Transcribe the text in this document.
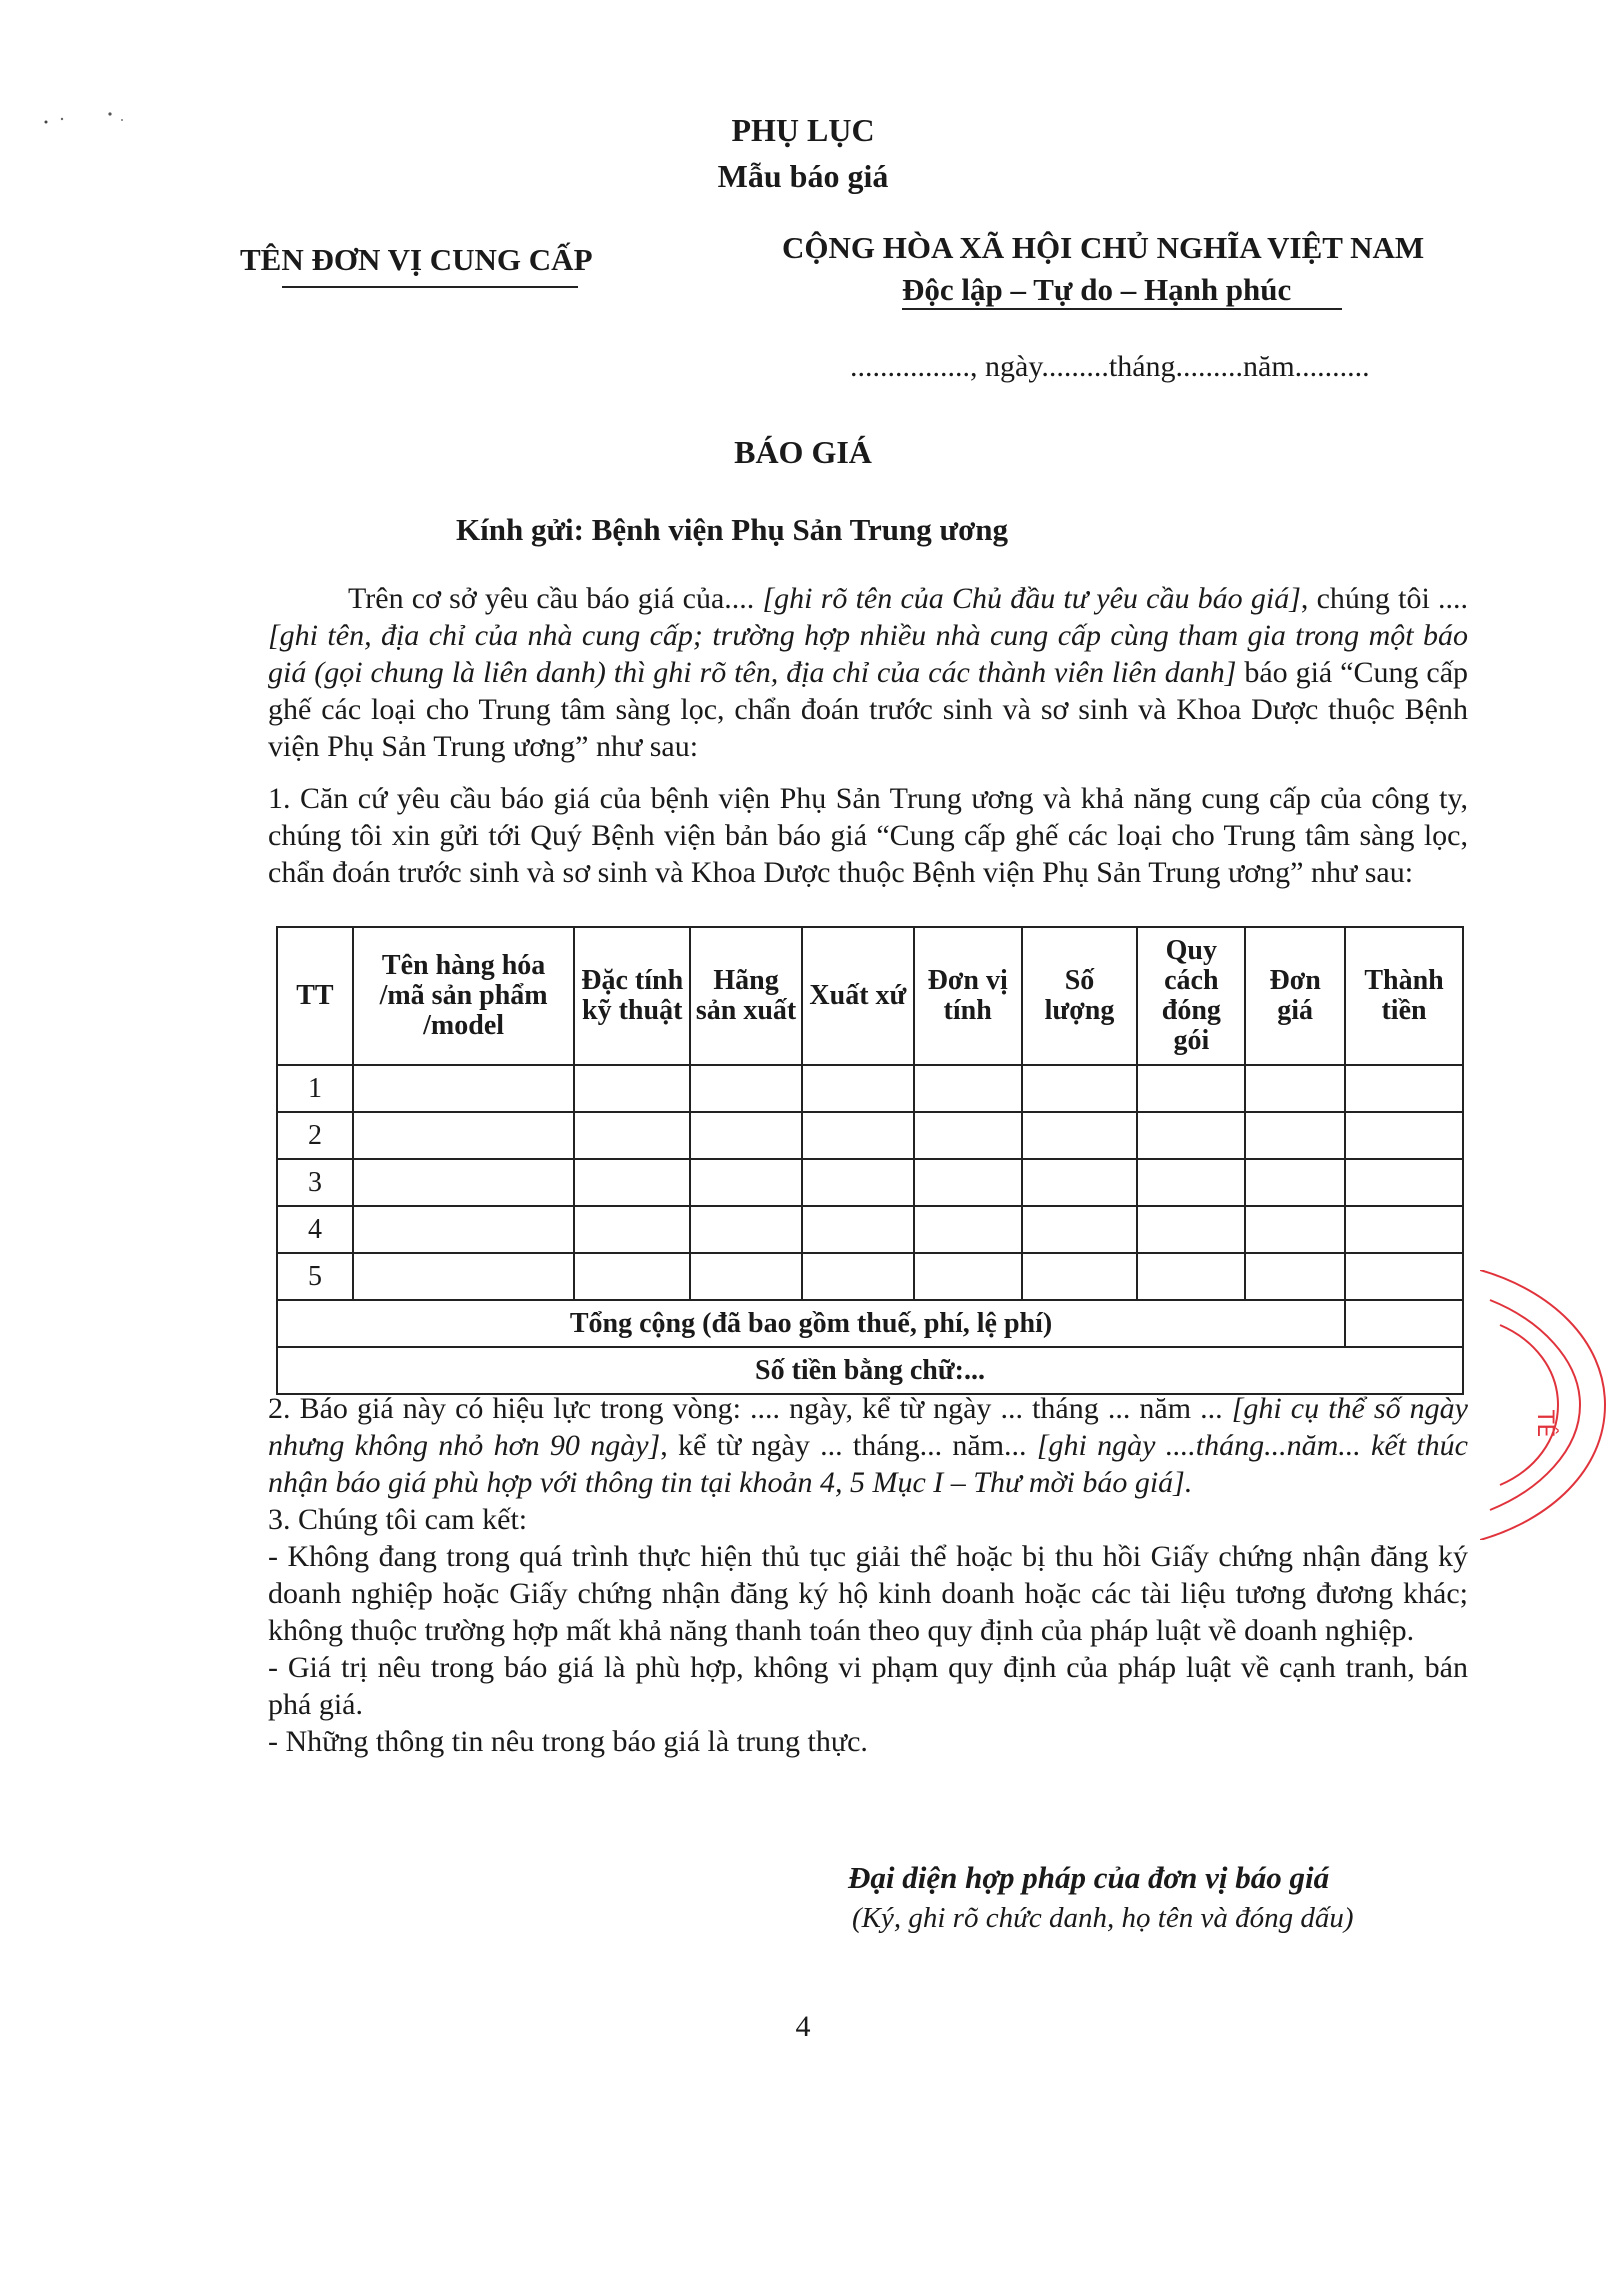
PHỤ LỤC
Mẫu báo giá
TÊN ĐƠN VỊ CUNG CẤP	CỘNG HÒA XÃ HỘI CHỦ NGHĨA VIỆT NAM
Độc lập – Tự do – Hạnh phúc
................, ngày.........tháng.........năm..........
BÁO GIÁ
Kính gửi: Bệnh viện Phụ Sản Trung ương
Trên cơ sở yêu cầu báo giá của.... [ghi rõ tên của Chủ đầu tư yêu cầu báo giá], chúng tôi .... [ghi tên, địa chỉ của nhà cung cấp; trường hợp nhiều nhà cung cấp cùng tham gia trong một báo giá (gọi chung là liên danh) thì ghi rõ tên, địa chỉ của các thành viên liên danh] báo giá “Cung cấp ghế các loại cho Trung tâm sàng lọc, chẩn đoán trước sinh và sơ sinh và Khoa Dược thuộc Bệnh viện Phụ Sản Trung ương” như sau:
1. Căn cứ yêu cầu báo giá của bệnh viện Phụ Sản Trung ương và khả năng cung cấp của công ty, chúng tôi xin gửi tới Quý Bệnh viện bản báo giá “Cung cấp ghế các loại cho Trung tâm sàng lọc, chẩn đoán trước sinh và sơ sinh và Khoa Dược thuộc Bệnh viện Phụ Sản Trung ương” như sau:
TT	Tên hàng hóa /mã sản phẩm /model	Đặc tính kỹ thuật	Hãng sản xuất	Xuất xứ	Đơn vị tính	Số lượng	Quy cách đóng gói	Đơn giá	Thành tiền
1									
2									
3									
4									
5									
Tổng cộng (đã bao gồm thuế, phí, lệ phí)									
Số tiền bằng chữ:...									
2. Báo giá này có hiệu lực trong vòng: .... ngày, kể từ ngày ... tháng ... năm ... [ghi cụ thể số ngày nhưng không nhỏ hơn 90 ngày], kể từ ngày ... tháng... năm... [ghi ngày ....tháng...năm... kết thúc nhận báo giá phù hợp với thông tin tại khoản 4, 5 Mục I – Thư mời báo giá].
3. Chúng tôi cam kết:
- Không đang trong quá trình thực hiện thủ tục giải thể hoặc bị thu hồi Giấy chứng nhận đăng ký doanh nghiệp hoặc Giấy chứng nhận đăng ký hộ kinh doanh hoặc các tài liệu tương đương khác; không thuộc trường hợp mất khả năng thanh toán theo quy định của pháp luật về doanh nghiệp.
- Giá trị nêu trong báo giá là phù hợp, không vi phạm quy định của pháp luật về cạnh tranh, bán phá giá.
- Những thông tin nêu trong báo giá là trung thực.
Đại diện hợp pháp của đơn vị báo giá
(Ký, ghi rõ chức danh, họ tên và đóng dấu)
4
TÊ
